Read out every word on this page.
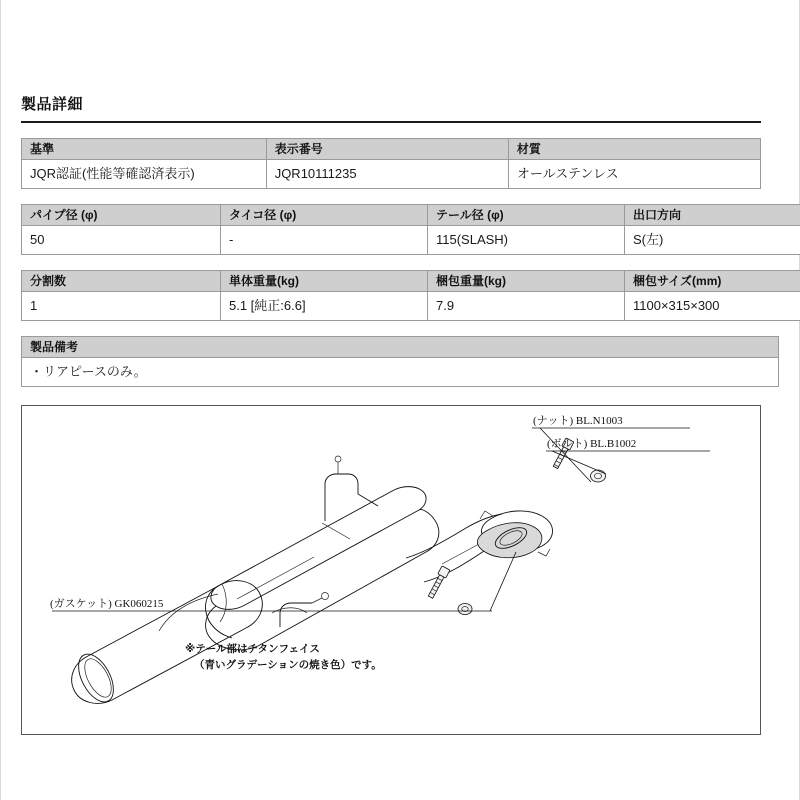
製品詳細
基準	表示番号	材質
JQR認証(性能等確認済表示)	JQR10111235	オールステンレス
パイプ径 (φ)	タイコ径 (φ)	テール径 (φ)	出口方向
50	-	115(SLASH)	S(左)
分割数	単体重量(kg)	梱包重量(kg)	梱包サイズ(mm)
1	5.1 [純正:6.6]	7.9	1100×315×300
製品備考
・リアピースのみ。
(ナット) BL.N1003
(ボルト) BL.B1002
(ガスケット) GK060215
※テール部はチタンフェイス
（青いグラデーションの焼き色）です。
